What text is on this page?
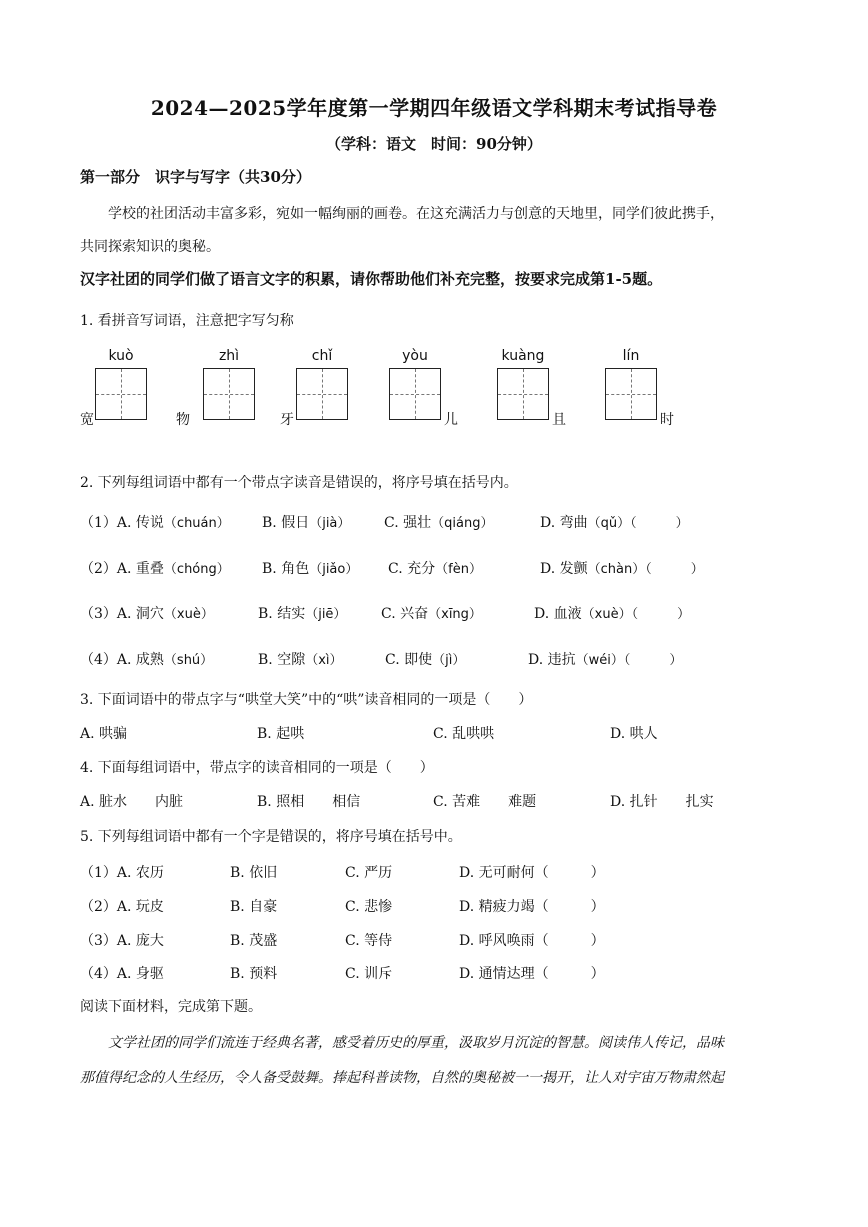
2024—2025学年度第一学期四年级语文学科期末考试指导卷
（学科：语文　时间：90分钟）
第一部分　识字与写字（共30分）
学校的社团活动丰富多彩，宛如一幅绚丽的画卷。在这充满活力与创意的天地里，同学们彼此携手，
共同探索知识的奥秘。
汉字社团的同学们做了语言文字的积累，请你帮助他们补充完整，按要求完成第1-5题。
1. 看拼音写词语，注意把字写匀称
kuò
宽
zhì
物
chǐ
牙
yòu
儿
kuàng
且
lín
时
2. 下列每组词语中都有一个带点字读音是错误的，将序号填在括号内。
（1）A. 传说（chuán） B. 假日（jià） C. 强壮（qiáng）	D. 弯曲（qǔ）（　　　）
（2）A. 重叠（chóng） B. 角色（jiǎo） C. 充分（fèn）	D. 发颤（chàn）（　　　）
（3）A. 洞穴（xuè）	B. 结实（jiē） C. 兴奋（xīng）	D. 血液（xuè）（　　　）
（4）A. 成熟（shú）	B. 空隙（xì）	C. 即使（jì）	D. 违抗（wéi）（　　　）
3. 下面词语中的带点字与“哄堂大笑”中的“哄”读音相同的一项是（　　）
A. 哄骗	B. 起哄	C. 乱哄哄	D. 哄人
4. 下面每组词语中，带点字的读音相同的一项是（　　）
A. 脏水　　内脏	B. 照相　　相信	C. 苦难　　难题	D. 扎针　　扎实
5. 下列每组词语中都有一个字是错误的，将序号填在括号中。
（1）A. 农历	B. 依旧	C. 严历	D. 无可耐何（　　　）
（2）A. 玩皮	B. 自豪	C. 悲惨	D. 精疲力竭（　　　）
（3）A. 庞大	B. 茂盛	C. 等侍	D. 呼风唤雨（　　　）
（4）A. 身驱	B. 预料	C. 训斥	D. 通情达理（　　　）
阅读下面材料，完成第下题。
文学社团的同学们流连于经典名著，感受着历史的厚重，汲取岁月沉淀的智慧。阅读伟人传记，品味
那值得纪念的人生经历，令人备受鼓舞。捧起科普读物，自然的奥秘被一一揭开，让人对宇宙万物肃然起
